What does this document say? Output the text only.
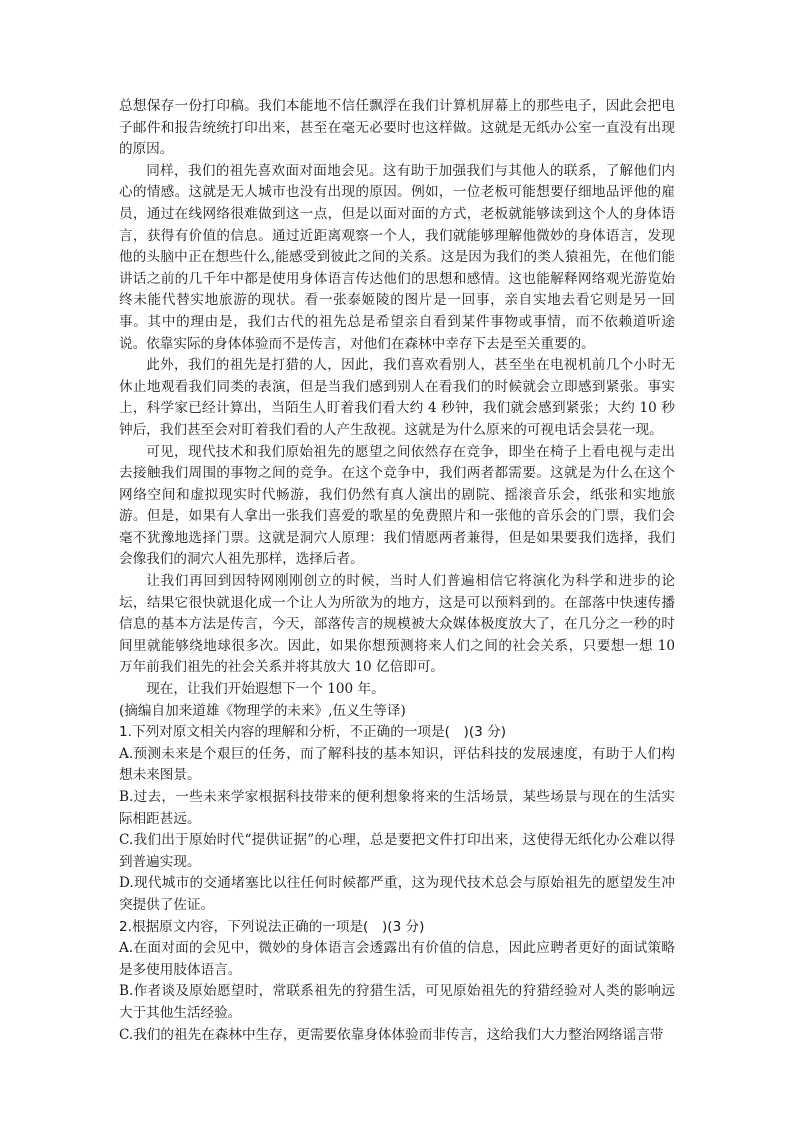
总想保存一份打印稿。我们本能地不信任飘浮在我们计算机屏幕上的那些电子，因此会把电子邮件和报告统统打印出来，甚至在毫无必要时也这样做。这就是无纸办公室一直没有出现的原因。

同样，我们的祖先喜欢面对面地会见。这有助于加强我们与其他人的联系，了解他们内心的情感。这就是无人城市也没有出现的原因。例如，一位老板可能想要仔细地品评他的雇员，通过在线网络很难做到这一点，但是以面对面的方式，老板就能够读到这个人的身体语言，获得有价值的信息。通过近距离观察一个人，我们就能够理解他微妙的身体语言，发现他的头脑中正在想些什么,能感受到彼此之间的关系。这是因为我们的类人猿祖先，在他们能讲话之前的几千年中都是使用身体语言传达他们的思想和感情。这也能解释网络观光游览始终未能代替实地旅游的现状。看一张泰姬陵的图片是一回事，亲自实地去看它则是另一回事。其中的理由是，我们古代的祖先总是希望亲自看到某件事物或事情，而不依赖道听途说。依靠实际的身体体验而不是传言，对他们在森林中幸存下去是至关重要的。

此外，我们的祖先是打猎的人，因此，我们喜欢看别人，甚至坐在电视机前几个小时无休止地观看我们同类的表演，但是当我们感到别人在看我们的时候就会立即感到紧张。事实上，科学家已经计算出，当陌生人盯着我们看大约 4 秒钟，我们就会感到紧张；大约 10 秒钟后，我们甚至会对盯着我们看的人产生敌视。这就是为什么原来的可视电话会昙花一现。

可见，现代技术和我们原始祖先的愿望之间依然存在竞争，即坐在椅子上看电视与走出去接触我们周围的事物之间的竞争。在这个竞争中，我们两者都需要。这就是为什么在这个网络空间和虚拟现实时代畅游，我们仍然有真人演出的剧院、摇滚音乐会，纸张和实地旅游。但是，如果有人拿出一张我们喜爱的歌星的免费照片和一张他的音乐会的门票，我们会毫不犹豫地选择门票。这就是洞穴人原理：我们情愿两者兼得，但是如果要我们选择，我们会像我们的洞穴人祖先那样，选择后者。

让我们再回到因特网刚刚创立的时候，当时人们普遍相信它将演化为科学和进步的论坛，结果它很快就退化成一个让人为所欲为的地方，这是可以预料到的。在部落中快速传播信息的基本方法是传言，今天，部落传言的规模被大众媒体极度放大了，在几分之一秒的时间里就能够绕地球很多次。因此，如果你想预测将来人们之间的社会关系，只要想一想 10 万年前我们祖先的社会关系并将其放大 10 亿倍即可。

现在，让我们开始遐想下一个 100 年。

(摘编自加来道雄《物理学的未来》,伍义生等译)

1.下列对原文相关内容的理解和分析，不正确的一项是(　)(3 分)

A.预测未来是个艰巨的任务，而了解科技的基本知识，评估科技的发展速度，有助于人们构想未来图景。

B.过去，一些未来学家根据科技带来的便利想象将来的生活场景，某些场景与现在的生活实际相距甚远。

C.我们出于原始时代“提供证据”的心理，总是要把文件打印出来，这使得无纸化办公难以得到普遍实现。

D.现代城市的交通堵塞比以往任何时候都严重，这为现代技术总会与原始祖先的愿望发生冲突提供了佐证。

2.根据原文内容，下列说法正确的一项是(　)(3 分)

A.在面对面的会见中，微妙的身体语言会透露出有价值的信息，因此应聘者更好的面试策略是多使用肢体语言。

B.作者谈及原始愿望时，常联系祖先的狩猎生活，可见原始祖先的狩猎经验对人类的影响远大于其他生活经验。

C.我们的祖先在森林中生存，更需要依靠身体体验而非传言，这给我们大力整治网络谣言带
